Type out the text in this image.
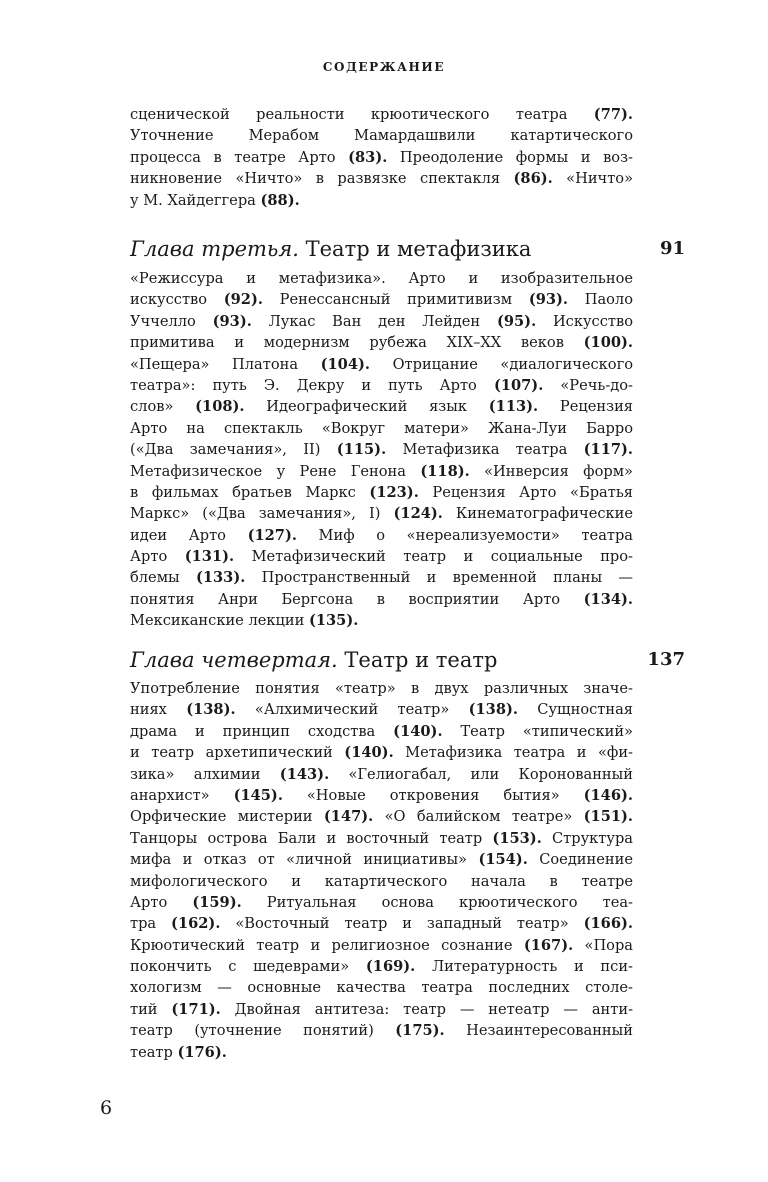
СОДЕРЖАНИЕ
сценической реальности крюотического театра (77).
Уточнение Мерабом Мамардашвили катартического
процесса в театре Арто (83). Преодоление формы и воз-
никновение «Ничто» в развязке спектакля (86). «Ничто»
у М. Хайдеггера (88).
Глава третья. Театр и метафизика	91
«Режиссура и метафизика». Арто и изобразительное
искусство (92). Ренессансный примитивизм (93). Паоло
Уччелло (93). Лукас Ван ден Лейден (95). Искусство
примитива и модернизм рубежа XIX–XX веков (100).
«Пещера» Платона (104). Отрицание «диалогического
театра»: путь Э. Декру и путь Арто (107). «Речь-до-
слов» (108). Идеографический язык (113). Рецензия
Арто на спектакль «Вокруг матери» Жана-Луи Барро
(«Два замечания», II) (115). Метафизика театра (117).
Метафизическое у Рене Генона (118). «Инверсия форм»
в фильмах братьев Маркс (123). Рецензия Арто «Братья
Маркс» («Два замечания», I) (124). Кинематографические
идеи Арто (127). Миф о «нереализуемости» театра
Арто (131). Метафизический театр и социальные про-
блемы (133). Пространственный и временной планы —
понятия Анри Бергсона в восприятии Арто (134).
Мексиканские лекции (135).
Глава четвертая. Театр и театр	137
Употребление понятия «театр» в двух различных значе-
ниях (138). «Алхимический театр» (138). Сущностная
драма и принцип сходства (140). Театр «типический»
и театр архетипический (140). Метафизика театра и «фи-
зика» алхимии (143). «Гелиогабал, или Коронованный
анархист» (145). «Новые откровения бытия» (146).
Орфические мистерии (147). «О балийском театре» (151).
Танцоры острова Бали и восточный театр (153). Структура
мифа и отказ от «личной инициативы» (154). Соединение
мифологического и катартического начала в театре
Арто (159). Ритуальная основа крюотического теа-
тра (162). «Восточный театр и западный театр» (166).
Крюотический театр и религиозное сознание (167). «Пора
покончить с шедеврами» (169). Литературность и пси-
хологизм — основные качества театра последних столе-
тий (171). Двойная антитеза: театр — нетеатр — анти-
театр (уточнение понятий) (175). Незаинтересованный
театр (176).
6
